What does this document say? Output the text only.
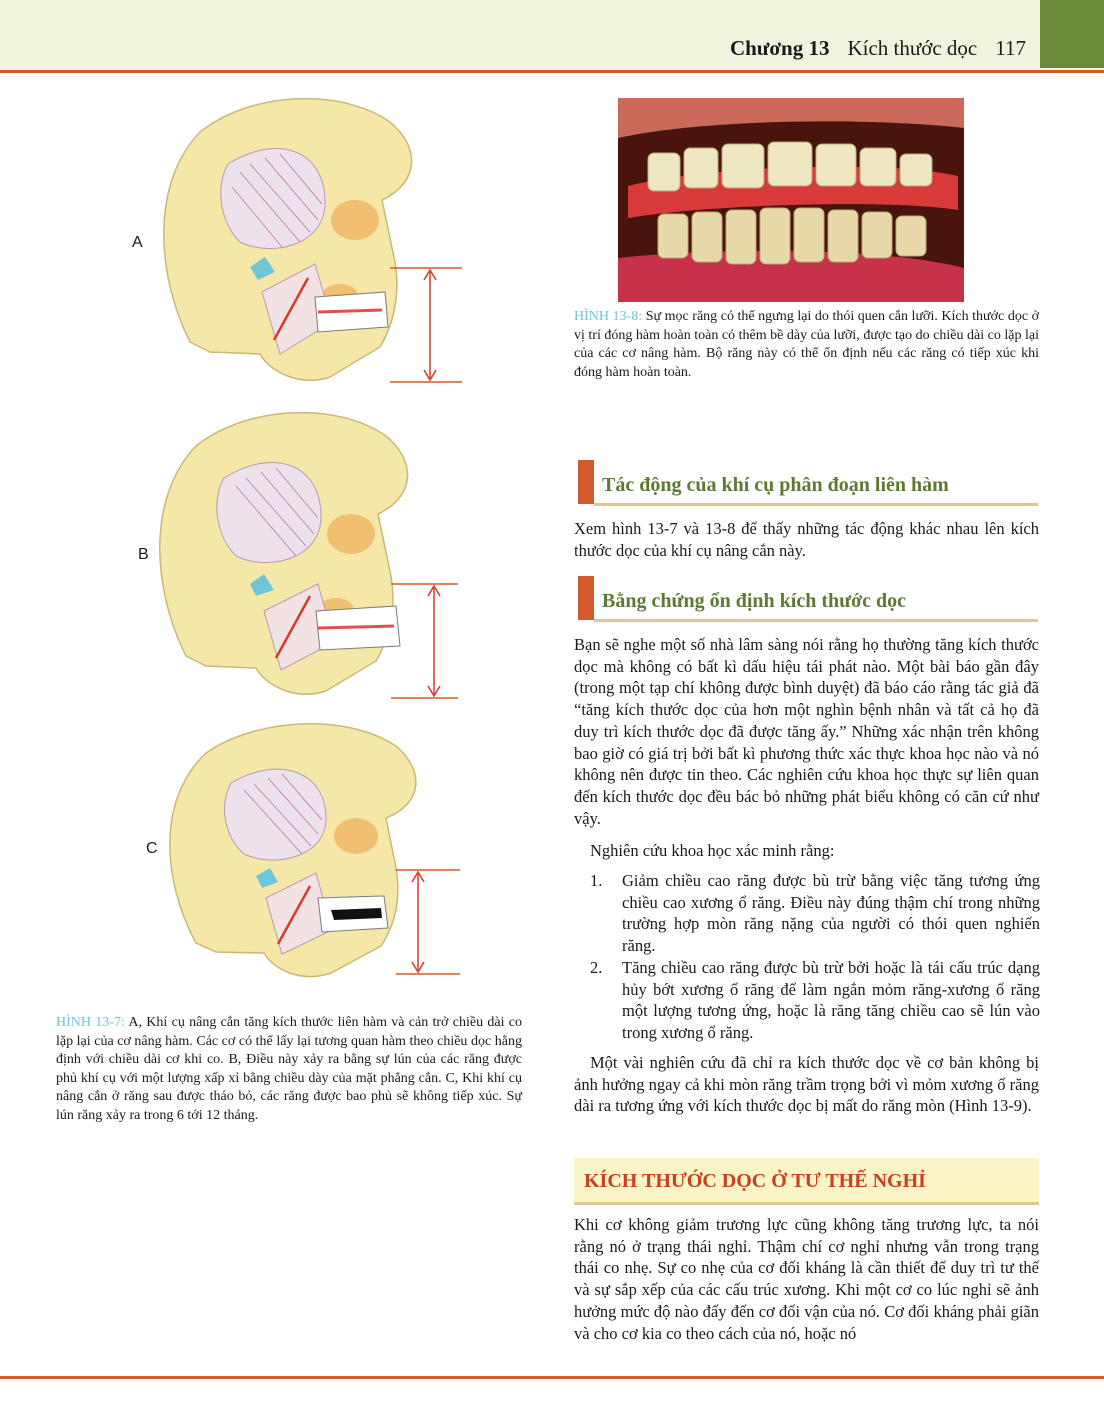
Chương 13 Kích thước dọc 117
A
B
C
HÌNH 13-7: A, Khí cụ nâng cắn tăng kích thước liên hàm và cản trở chiều dài co lặp lại của cơ nâng hàm. Các cơ có thể lấy lại tương quan hàm theo chiều dọc hằng định với chiều dài cơ khi co. B, Điều này xảy ra bằng sự lún của các răng được phủ khí cụ với một lượng xấp xỉ bằng chiều dày của mặt phẳng cắn. C, Khi khí cụ nâng cắn ở răng sau được tháo bỏ, các răng được bao phủ sẽ không tiếp xúc. Sự lún răng xảy ra trong 6 tới 12 tháng.
HÌNH 13-8: Sự mọc răng có thể ngưng lại do thói quen cắn lưỡi. Kích thước dọc ở vị trí đóng hàm hoàn toàn có thêm bề dày của lưỡi, được tạo do chiều dài co lặp lại của các cơ nâng hàm. Bộ răng này có thể ổn định nếu các răng có tiếp xúc khi đóng hàm hoàn toàn.
Tác động của khí cụ phân đoạn liên hàm
Xem hình 13-7 và 13-8 để thấy những tác động khác nhau lên kích thước dọc của khí cụ nâng cắn này.
Bằng chứng ổn định kích thước dọc
Bạn sẽ nghe một số nhà lâm sàng nói rằng họ thường tăng kích thước dọc mà không có bất kì dấu hiệu tái phát nào. Một bài báo gần đây (trong một tạp chí không được bình duyệt) đã báo cáo rằng tác giả đã “tăng kích thước dọc của hơn một nghìn bệnh nhân và tất cả họ đã duy trì kích thước dọc đã được tăng ấy.” Những xác nhận trên không bao giờ có giá trị bởi bất kì phương thức xác thực khoa học nào và nó không nên được tin theo. Các nghiên cứu khoa học thực sự liên quan đến kích thước dọc đều bác bỏ những phát biểu không có căn cứ như vậy.
Nghiên cứu khoa học xác minh rằng:
1. Giảm chiều cao răng được bù trừ bằng việc tăng tương ứng chiều cao xương ổ răng. Điều này đúng thậm chí trong những trường hợp mòn răng nặng của người có thói quen nghiến răng.
2. Tăng chiều cao răng được bù trừ bởi hoặc là tái cấu trúc dạng hủy bớt xương ổ răng để làm ngắn mỏm răng-xương ổ răng một lượng tương ứng, hoặc là răng tăng chiều cao sẽ lún vào trong xương ổ răng.
Một vài nghiên cứu đã chỉ ra kích thước dọc về cơ bản không bị ảnh hưởng ngay cả khi mòn răng trầm trọng bởi vì mỏm xương ổ răng dài ra tương ứng với kích thước dọc bị mất do răng mòn (Hình 13-9).
KÍCH THƯỚC DỌC Ở TƯ THẾ NGHỈ
Khi cơ không giảm trương lực cũng không tăng trương lực, ta nói rằng nó ở trạng thái nghỉ. Thậm chí cơ nghỉ nhưng vẫn trong trạng thái co nhẹ. Sự co nhẹ của cơ đối kháng là cần thiết để duy trì tư thế và sự sắp xếp của các cấu trúc xương. Khi một cơ co lúc nghỉ sẽ ảnh hưởng mức độ nào đấy đến cơ đối vận của nó. Cơ đối kháng phải giãn và cho cơ kia co theo cách của nó, hoặc nó
